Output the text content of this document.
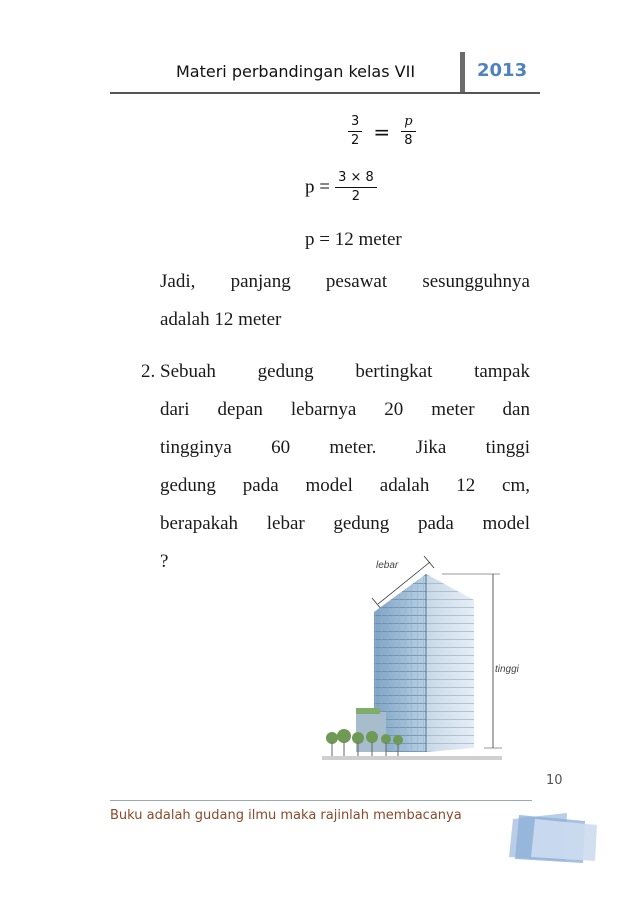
Materi perbandingan kelas VII	2013
$\frac{3}{2} = \frac{p}{8}$
$p = \frac{3 \times 8}{2}$
p = 12 meter
Jadi, panjang pesawat sesungguhnya
adalah 12 meter
2. Sebuah gedung bertingkat tampak
dari depan lebarnya 20 meter dan
tingginya 60 meter. Jika tinggi
gedung pada model adalah 12 cm,
berapakah lebar gedung pada model
?	lebar
tinggi
10
Buku adalah gudang ilmu maka rajinlah membacanya
